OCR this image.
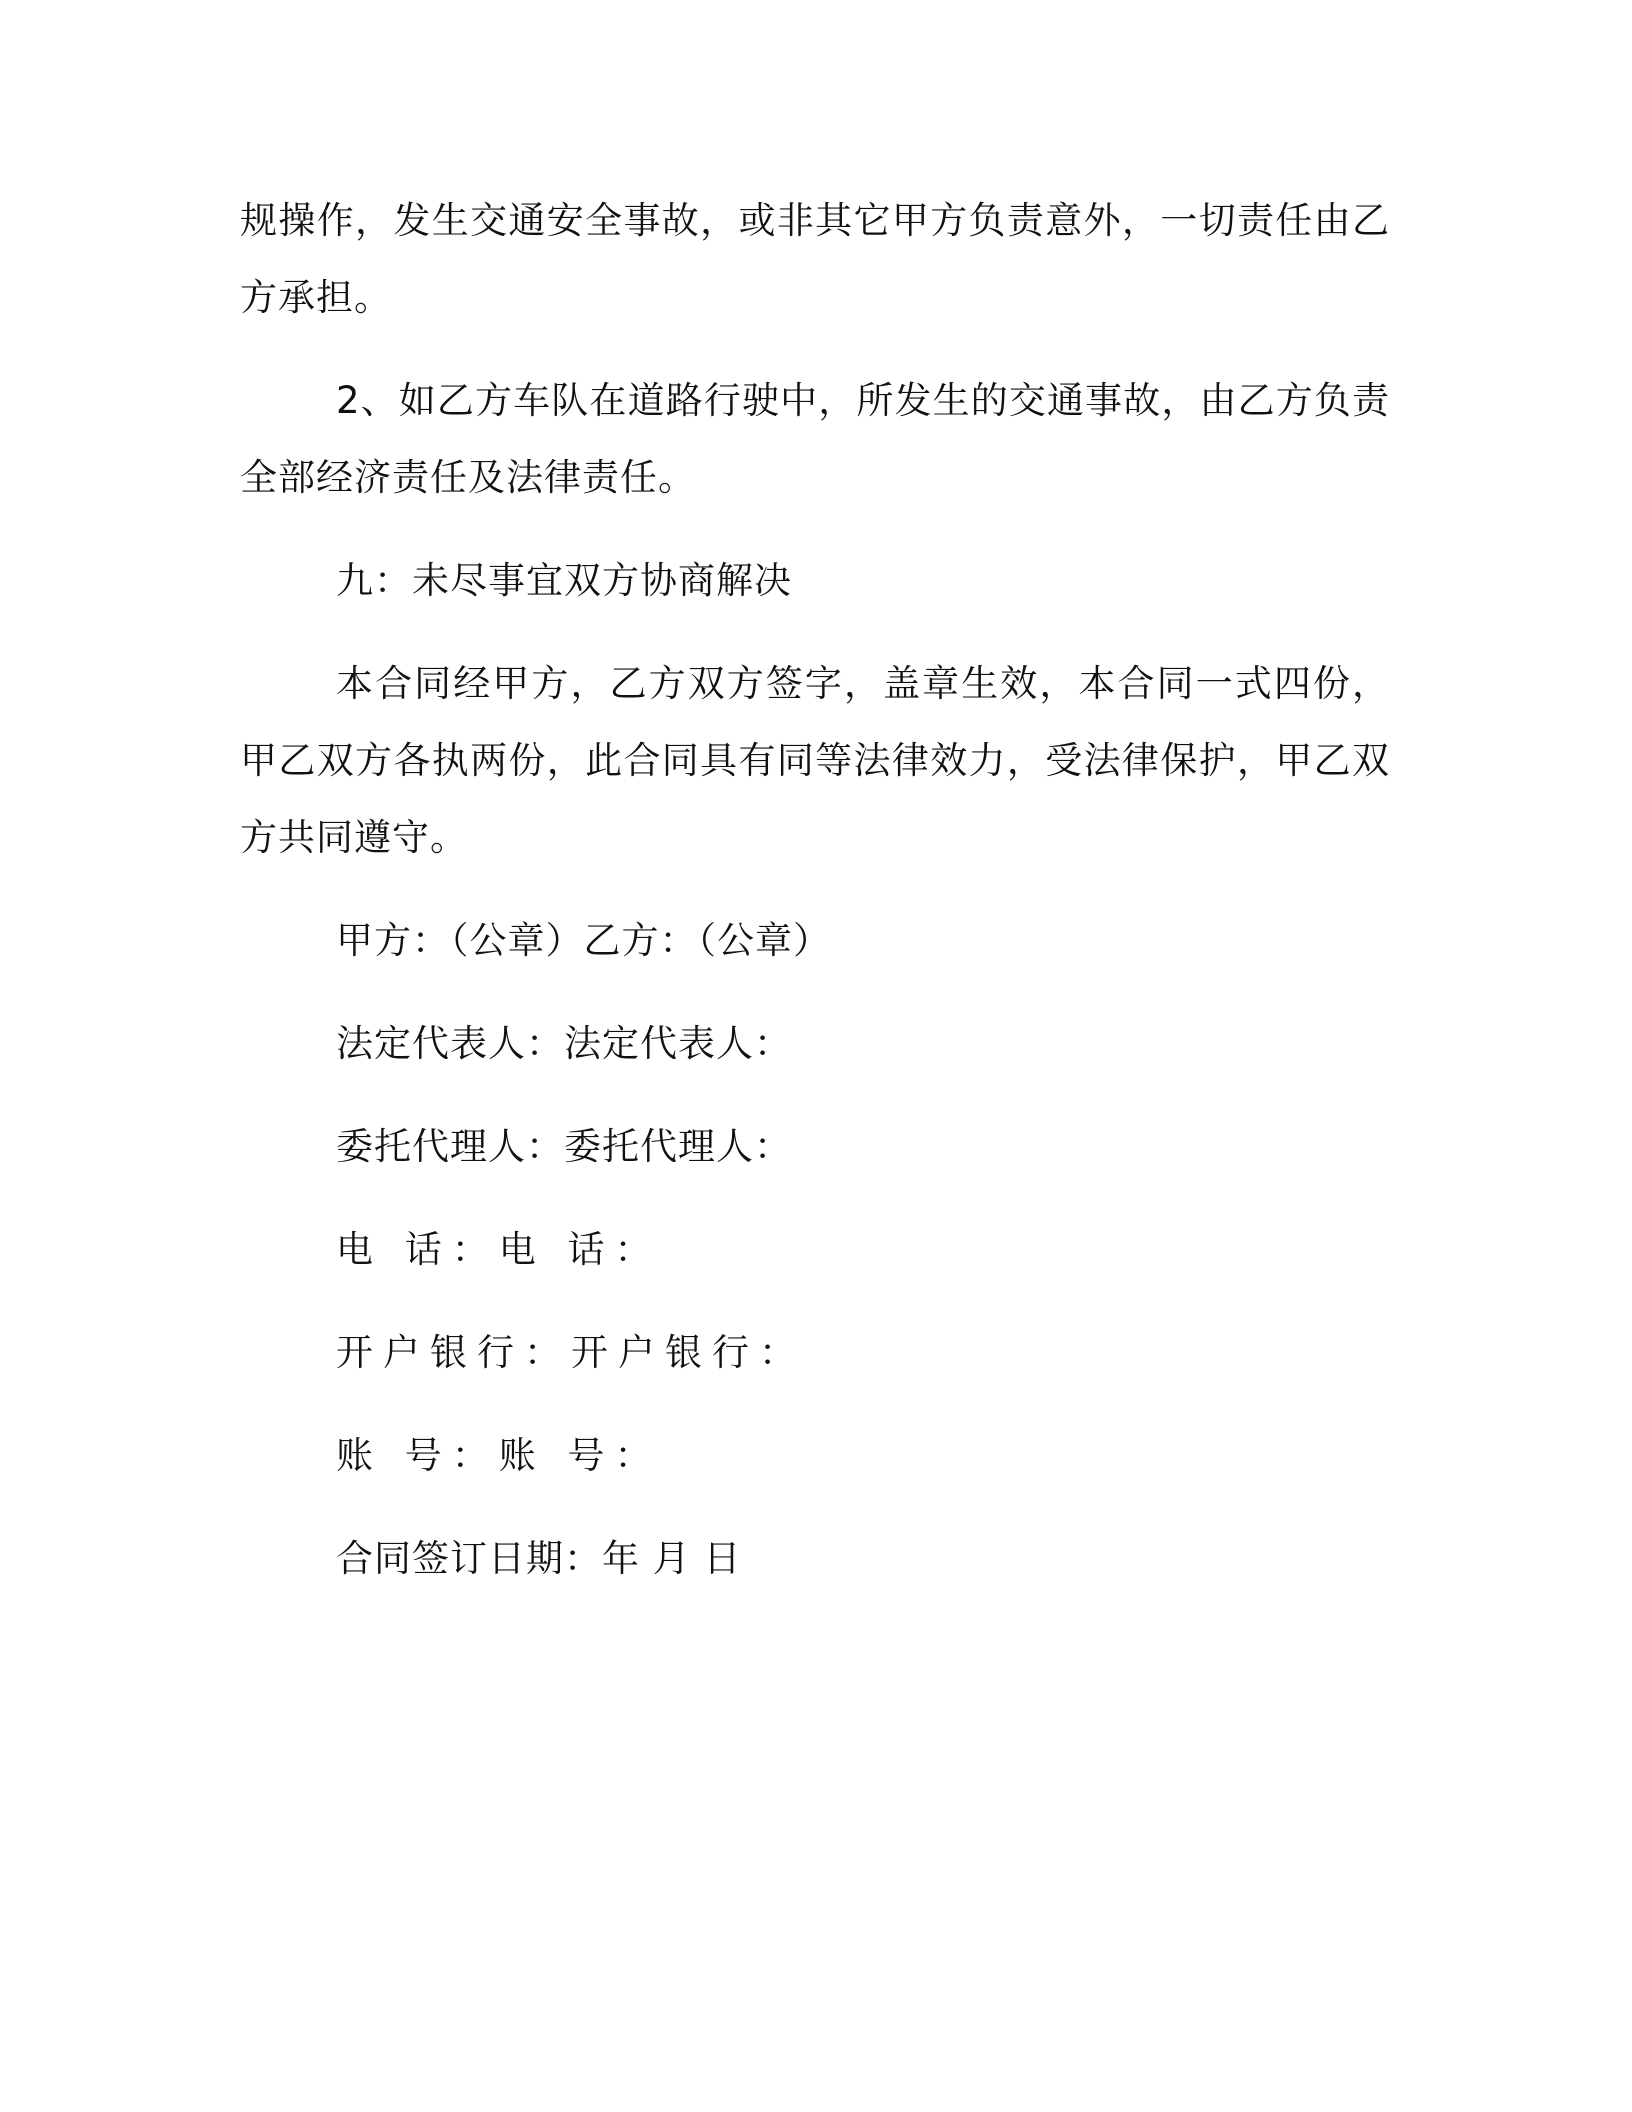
规操作，发生交通安全事故，或非其它甲方负责意外，一切责任由乙方承担。

2、如乙方车队在道路行驶中，所发生的交通事故，由乙方负责全部经济责任及法律责任。

九：未尽事宜双方协商解决

本合同经甲方，乙方双方签字，盖章生效，本合同一式四份，甲乙双方各执两份，此合同具有同等法律效力，受法律保护，甲乙双方共同遵守。

甲方：（公章）乙方：（公章）
法定代表人：法定代表人：
委托代理人：委托代理人：
电 话：电 话：
开户银行：开户银行：
账 号：账 号：
合同签订日期：年 月 日
